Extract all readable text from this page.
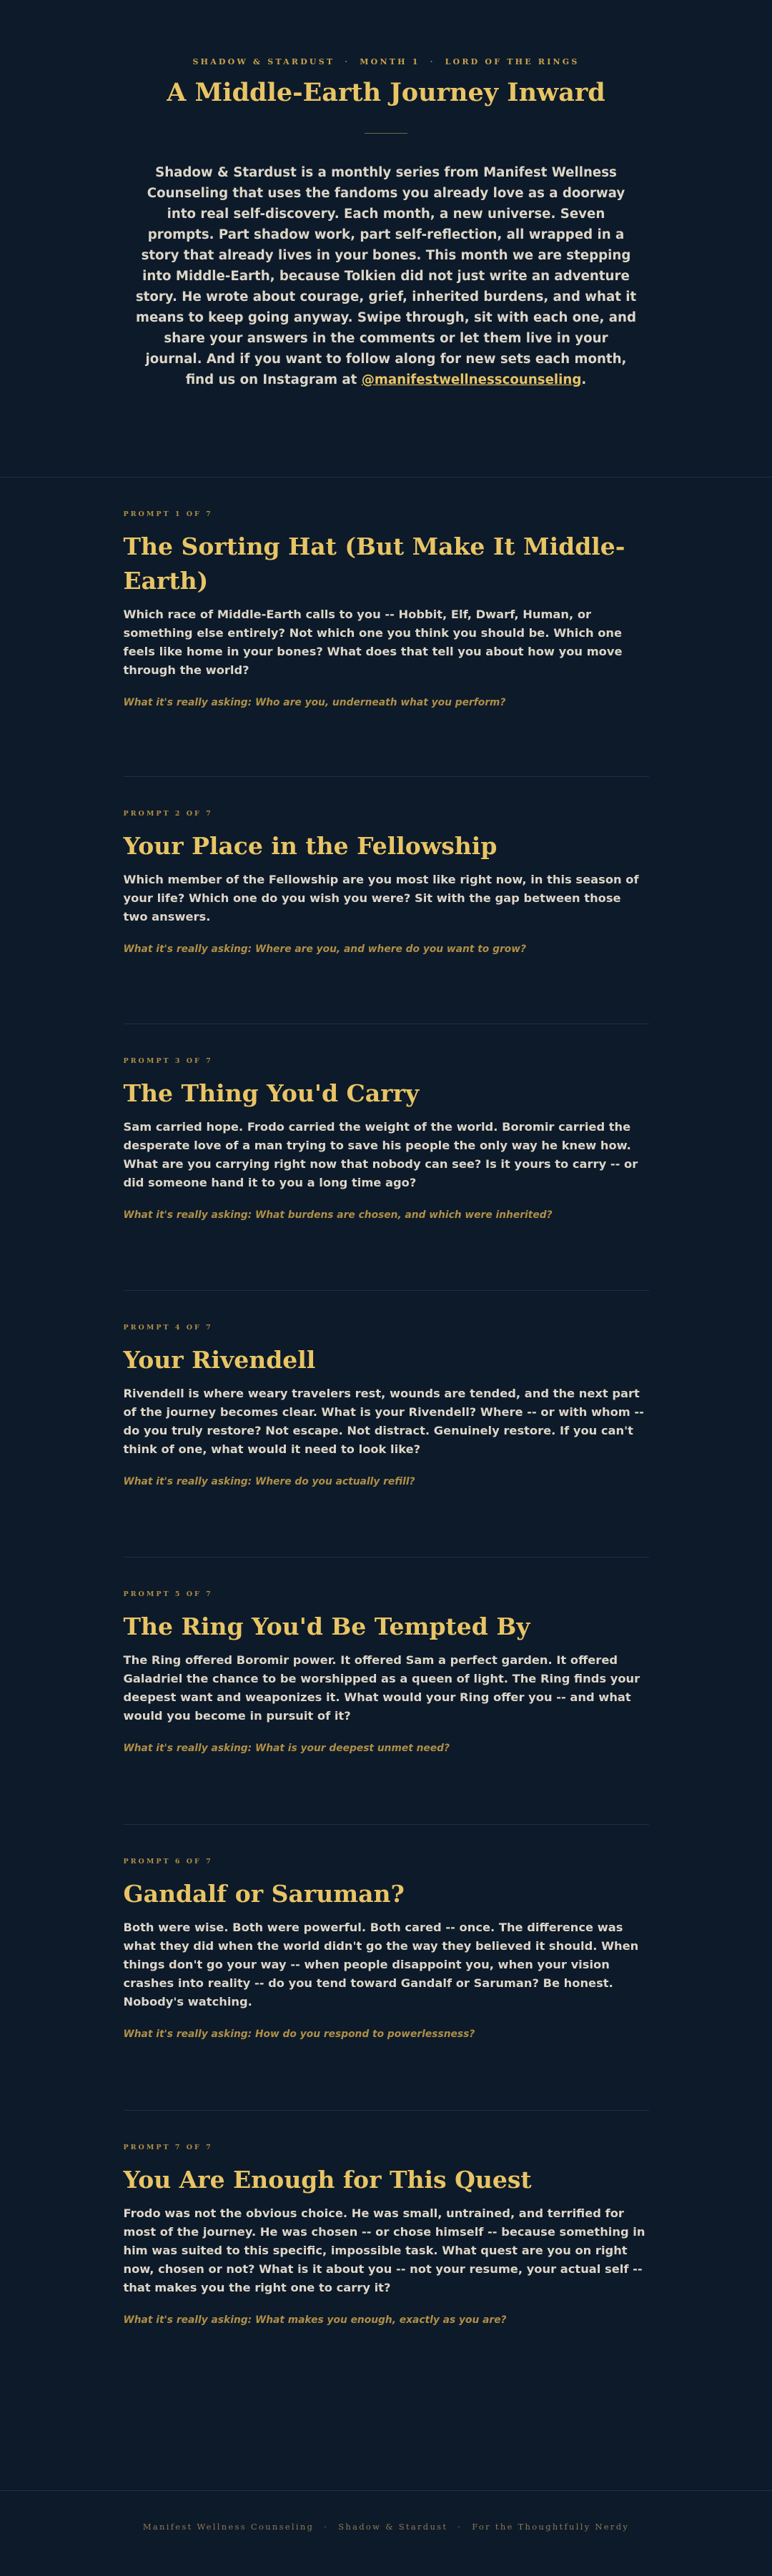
SHADOW & STARDUST · MONTH 1 · LORD OF THE RINGS
A Middle-Earth Journey Inward
Shadow & Stardust is a monthly series from Manifest Wellness Counseling that uses the fandoms you already love as a doorway into real self-discovery. Each month, a new universe. Seven prompts. Part shadow work, part self-reflection, all wrapped in a story that already lives in your bones. This month we are stepping into Middle-Earth, because Tolkien did not just write an adventure story. He wrote about courage, grief, inherited burdens, and what it means to keep going anyway. Swipe through, sit with each one, and share your answers in the comments or let them live in your journal. And if you want to follow along for new sets each month, find us on Instagram at @manifestwellnesscounseling.
PROMPT 1 OF 7
The Sorting Hat (But Make It Middle-Earth)
Which race of Middle-Earth calls to you -- Hobbit, Elf, Dwarf, Human, or something else entirely? Not which one you think you should be. Which one feels like home in your bones? What does that tell you about how you move through the world?
What it's really asking: Who are you, underneath what you perform?
PROMPT 2 OF 7
Your Place in the Fellowship
Which member of the Fellowship are you most like right now, in this season of your life? Which one do you wish you were? Sit with the gap between those two answers.
What it's really asking: Where are you, and where do you want to grow?
PROMPT 3 OF 7
The Thing You'd Carry
Sam carried hope. Frodo carried the weight of the world. Boromir carried the desperate love of a man trying to save his people the only way he knew how. What are you carrying right now that nobody can see? Is it yours to carry -- or did someone hand it to you a long time ago?
What it's really asking: What burdens are chosen, and which were inherited?
PROMPT 4 OF 7
Your Rivendell
Rivendell is where weary travelers rest, wounds are tended, and the next part of the journey becomes clear. What is your Rivendell? Where -- or with whom -- do you truly restore? Not escape. Not distract. Genuinely restore. If you can't think of one, what would it need to look like?
What it's really asking: Where do you actually refill?
PROMPT 5 OF 7
The Ring You'd Be Tempted By
The Ring offered Boromir power. It offered Sam a perfect garden. It offered Galadriel the chance to be worshipped as a queen of light. The Ring finds your deepest want and weaponizes it. What would your Ring offer you -- and what would you become in pursuit of it?
What it's really asking: What is your deepest unmet need?
PROMPT 6 OF 7
Gandalf or Saruman?
Both were wise. Both were powerful. Both cared -- once. The difference was what they did when the world didn't go the way they believed it should. When things don't go your way -- when people disappoint you, when your vision crashes into reality -- do you tend toward Gandalf or Saruman? Be honest. Nobody's watching.
What it's really asking: How do you respond to powerlessness?
PROMPT 7 OF 7
You Are Enough for This Quest
Frodo was not the obvious choice. He was small, untrained, and terrified for most of the journey. He was chosen -- or chose himself -- because something in him was suited to this specific, impossible task. What quest are you on right now, chosen or not? What is it about you -- not your resume, your actual self -- that makes you the right one to carry it?
What it's really asking: What makes you enough, exactly as you are?
Manifest Wellness Counseling · Shadow & Stardust · For the Thoughtfully Nerdy
